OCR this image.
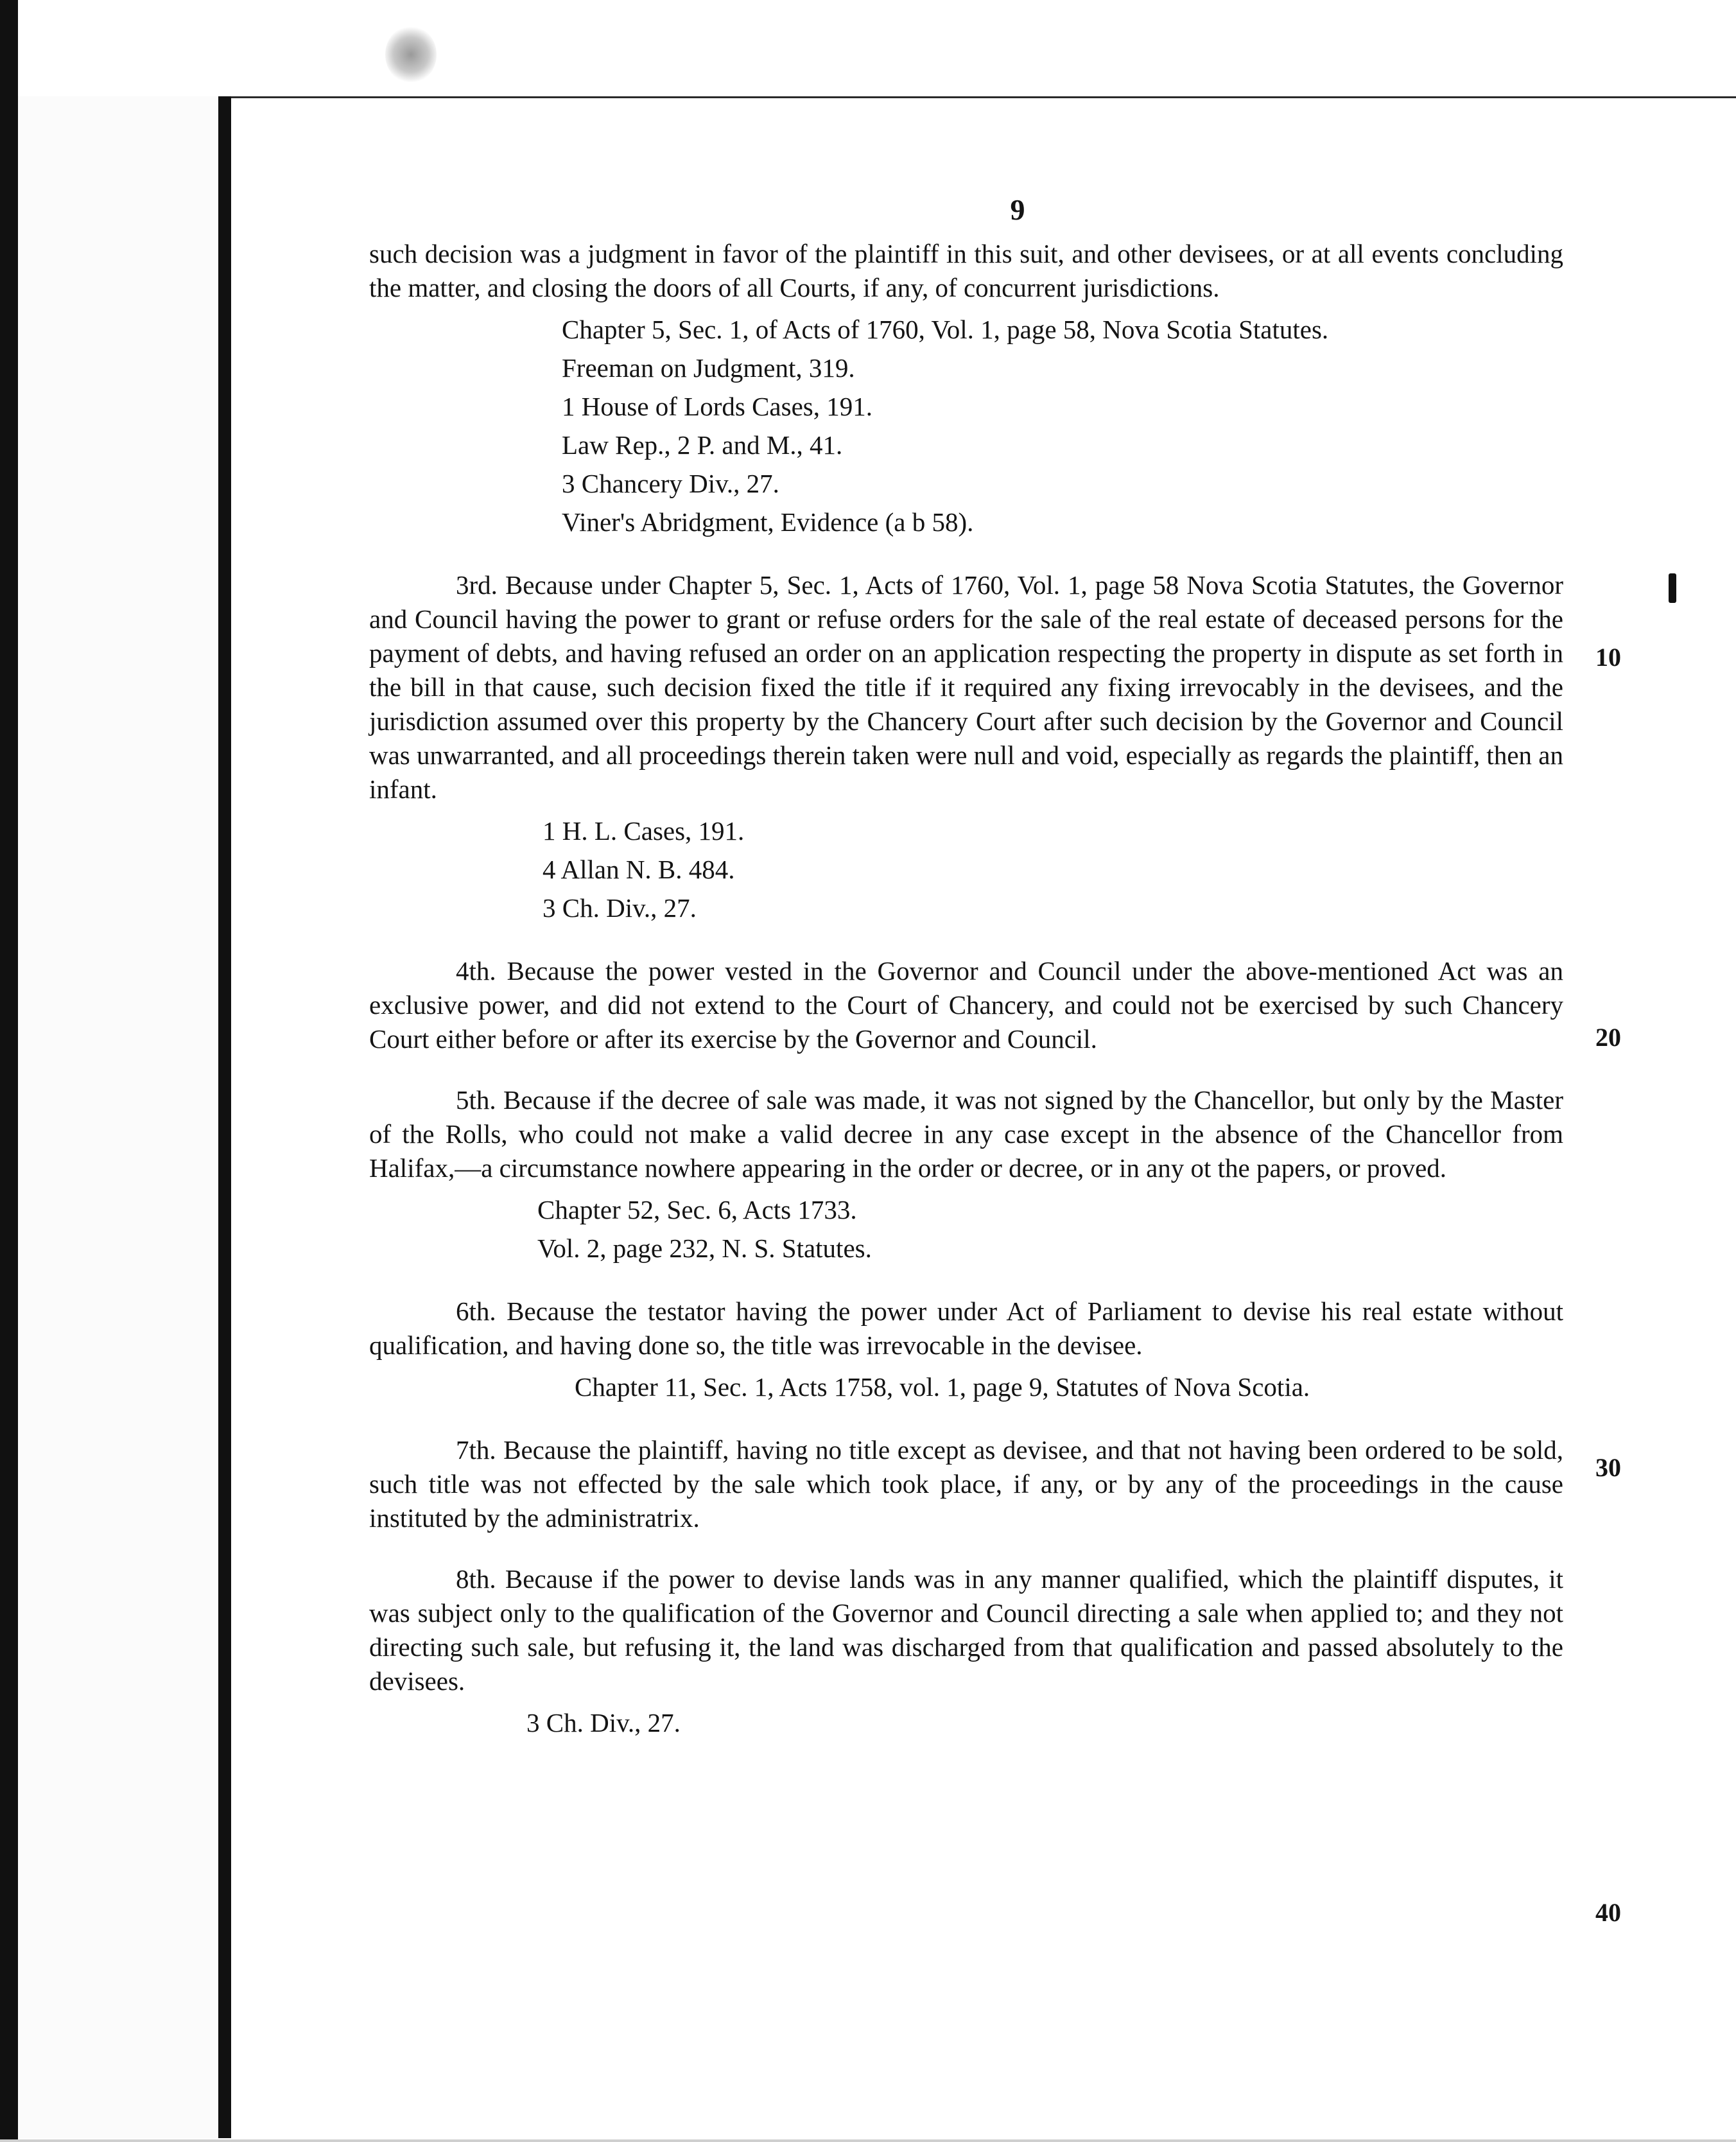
9

such decision was a judgment in favor of the plaintiff in this suit, and other devisees, or at all events concluding the matter, and closing the doors of all Courts, if any, of concurrent jurisdictions.

Chapter 5, Sec. 1, of Acts of 1760, Vol. 1, page 58, Nova Scotia Statutes.
Freeman on Judgment, 319.
1 House of Lords Cases, 191.
Law Rep., 2 P. and M., 41.
3 Chancery Div., 27.
Viner's Abridgment, Evidence (a b 58).

3rd. Because under Chapter 5, Sec. 1, Acts of 1760, Vol. 1, page 58 Nova Scotia Statutes, the Governor and Council having the power to grant or refuse orders for the sale of the real estate of deceased persons for the payment of debts, and having refused an order on an application respecting the property in dispute as set forth in the bill in that cause, such decision fixed the title if it required any fixing irrevocably in the devisees, and the jurisdiction assumed over this property by the Chancery Court after such decision by the Governor and Council was unwarranted, and all proceedings therein taken were null and void, especially as regards the plaintiff, then an infant.

1 H. L. Cases, 191.
4 Allan N. B. 484.
3 Ch. Div., 27.

4th. Because the power vested in the Governor and Council under the above-mentioned Act was an exclusive power, and did not extend to the Court of Chancery, and could not be exercised by such Chancery Court either before or after its exercise by the Governor and Council.

5th. Because if the decree of sale was made, it was not signed by the Chancellor, but only by the Master of the Rolls, who could not make a valid decree in any case except in the absence of the Chancellor from Halifax,—a circumstance nowhere appearing in the order or decree, or in any ot the papers, or proved.

Chapter 52, Sec. 6, Acts 1733.
Vol. 2, page 232, N. S. Statutes.

6th. Because the testator having the power under Act of Parliament to devise his real estate without qualification, and having done so, the title was irrevocable in the devisee.

Chapter 11, Sec. 1, Acts 1758, vol. 1, page 9, Statutes of Nova Scotia.

7th. Because the plaintiff, having no title except as devisee, and that not having been ordered to be sold, such title was not effected by the sale which took place, if any, or by any of the proceedings in the cause instituted by the administratrix.

8th. Because if the power to devise lands was in any manner qualified, which the plaintiff disputes, it was subject only to the qualification of the Governor and Council directing a sale when applied to; and they not directing such sale, but refusing it, the land was discharged from that qualification and passed absolutely to the devisees.

3 Ch. Div., 27.
10
20
30
40
